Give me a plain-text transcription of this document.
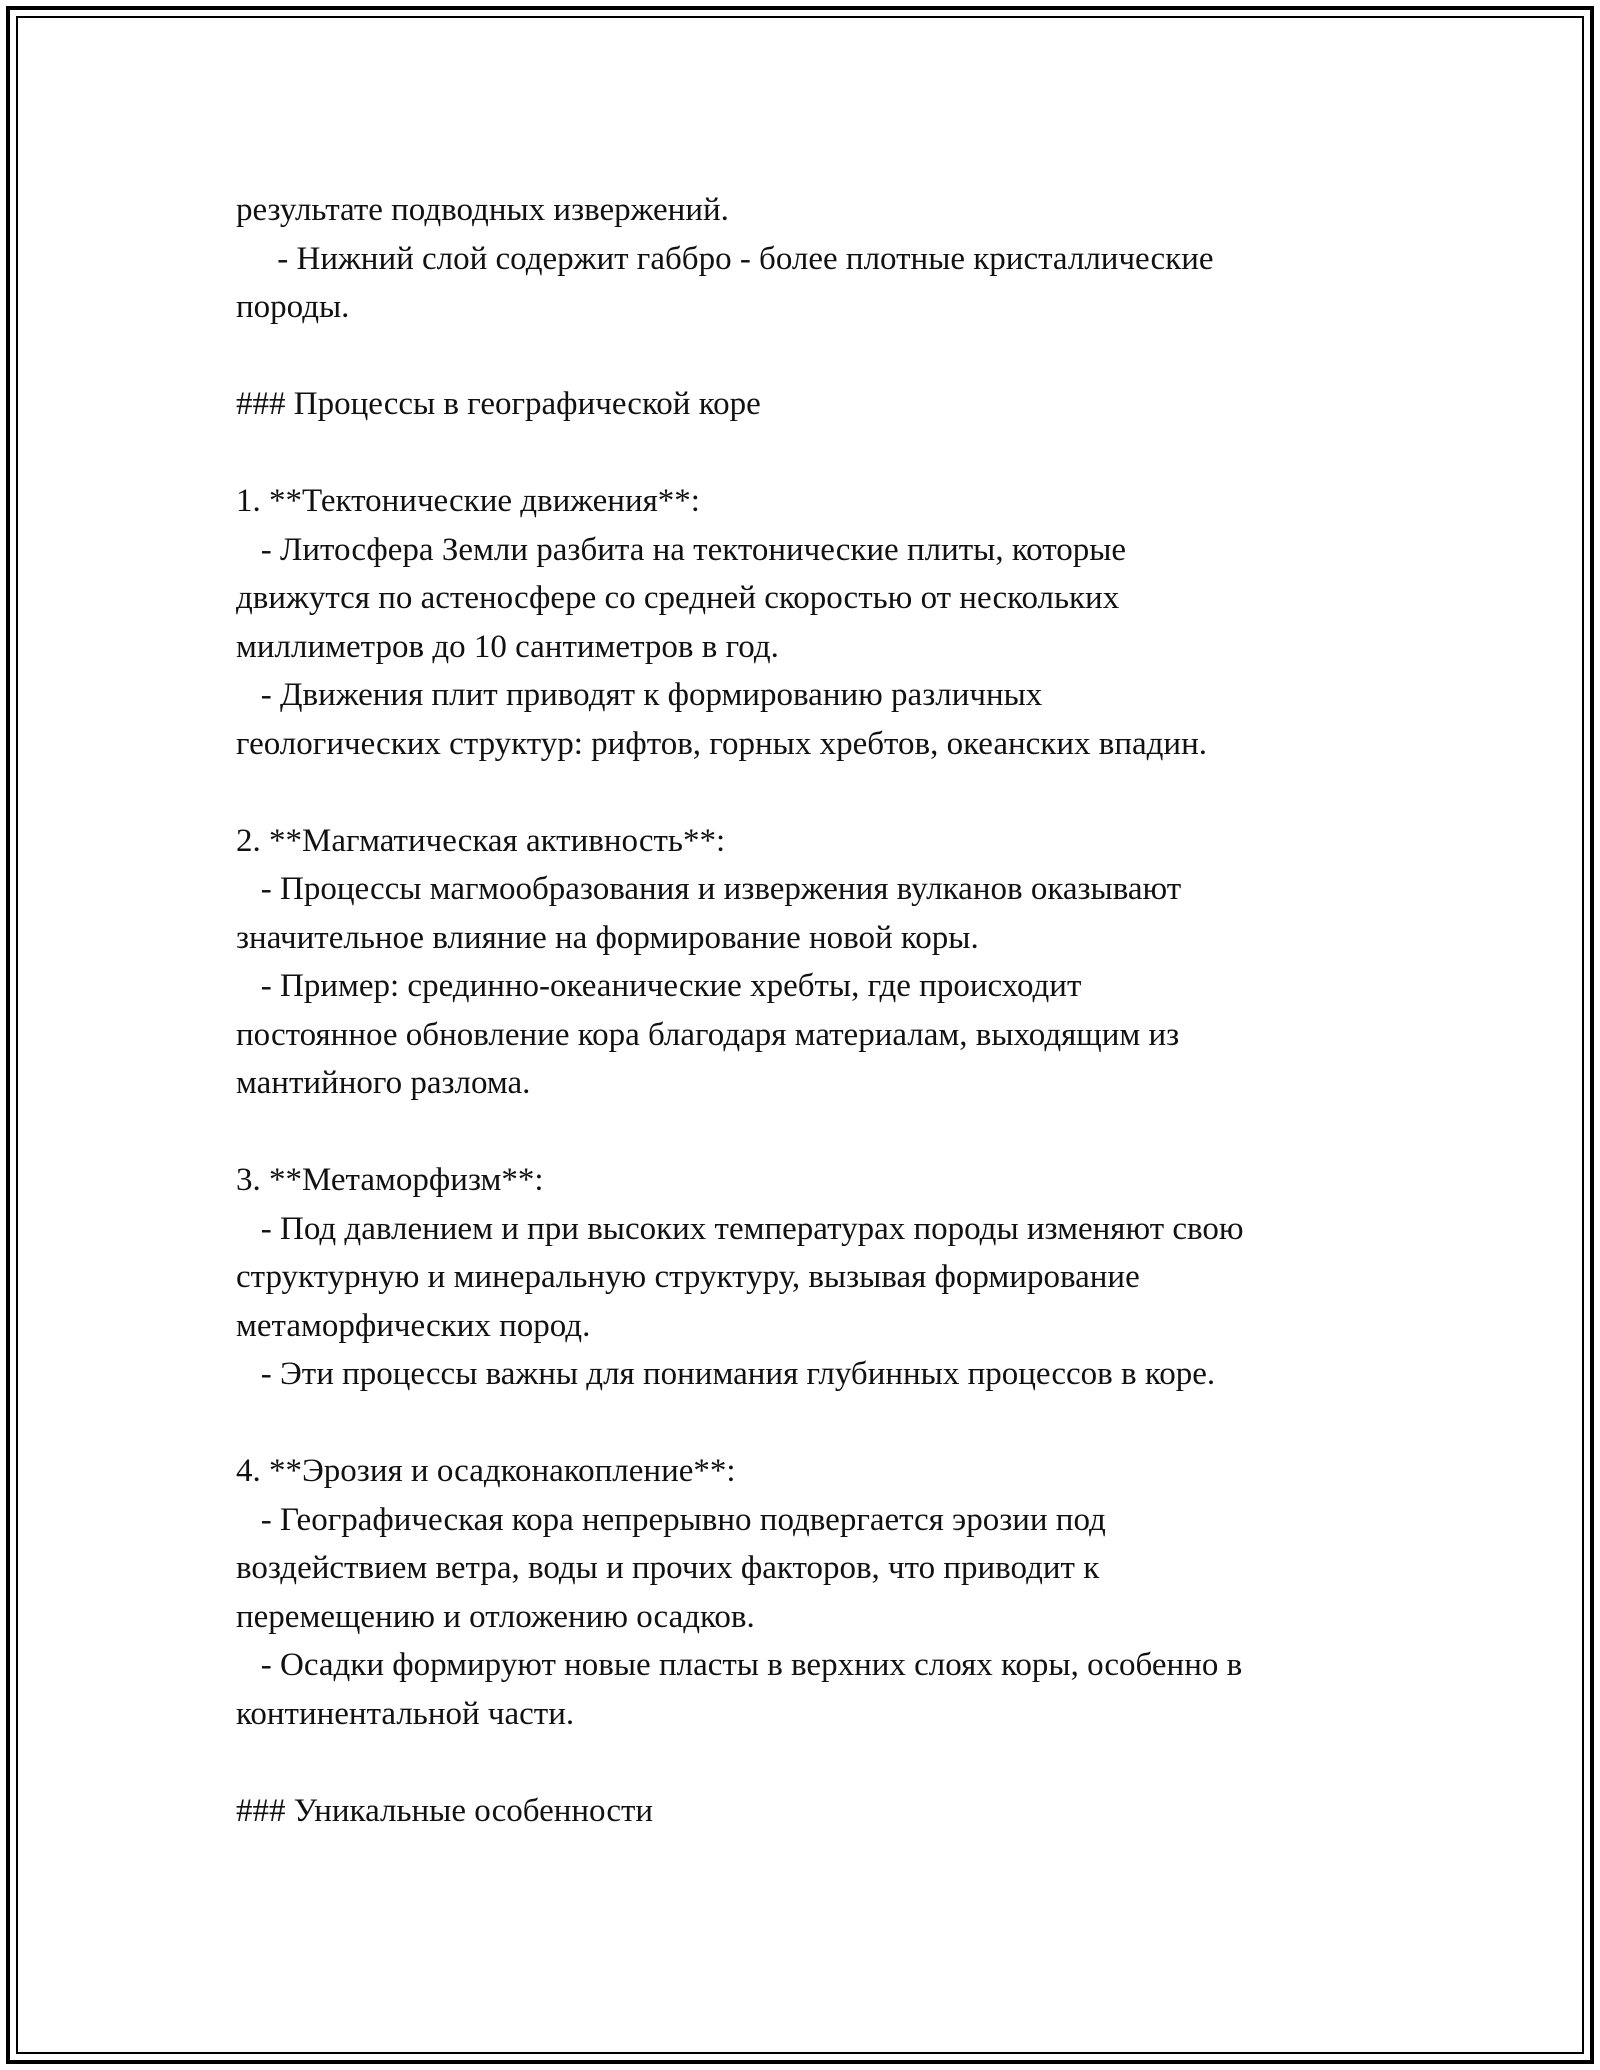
результате подводных извержений.
- Нижний слой содержит габбро - более плотные кристаллические
породы.
### Процессы в географической коре
1. **Тектонические движения**:
- Литосфера Земли разбита на тектонические плиты, которые
движутся по астеносфере со средней скоростью от нескольких
миллиметров до 10 сантиметров в год.
- Движения плит приводят к формированию различных
геологических структур: рифтов, горных хребтов, океанских впадин.
2. **Магматическая активность**:
- Процессы магмообразования и извержения вулканов оказывают
значительное влияние на формирование новой коры.
- Пример: срединно-океанические хребты, где происходит
постоянное обновление кора благодаря материалам, выходящим из
мантийного разлома.
3. **Метаморфизм**:
- Под давлением и при высоких температурах породы изменяют свою
структурную и минеральную структуру, вызывая формирование
метаморфических пород.
- Эти процессы важны для понимания глубинных процессов в коре.
4. **Эрозия и осадконакопление**:
- Географическая кора непрерывно подвергается эрозии под
воздействием ветра, воды и прочих факторов, что приводит к
перемещению и отложению осадков.
- Осадки формируют новые пласты в верхних слоях коры, особенно в
континентальной части.
### Уникальные особенности
